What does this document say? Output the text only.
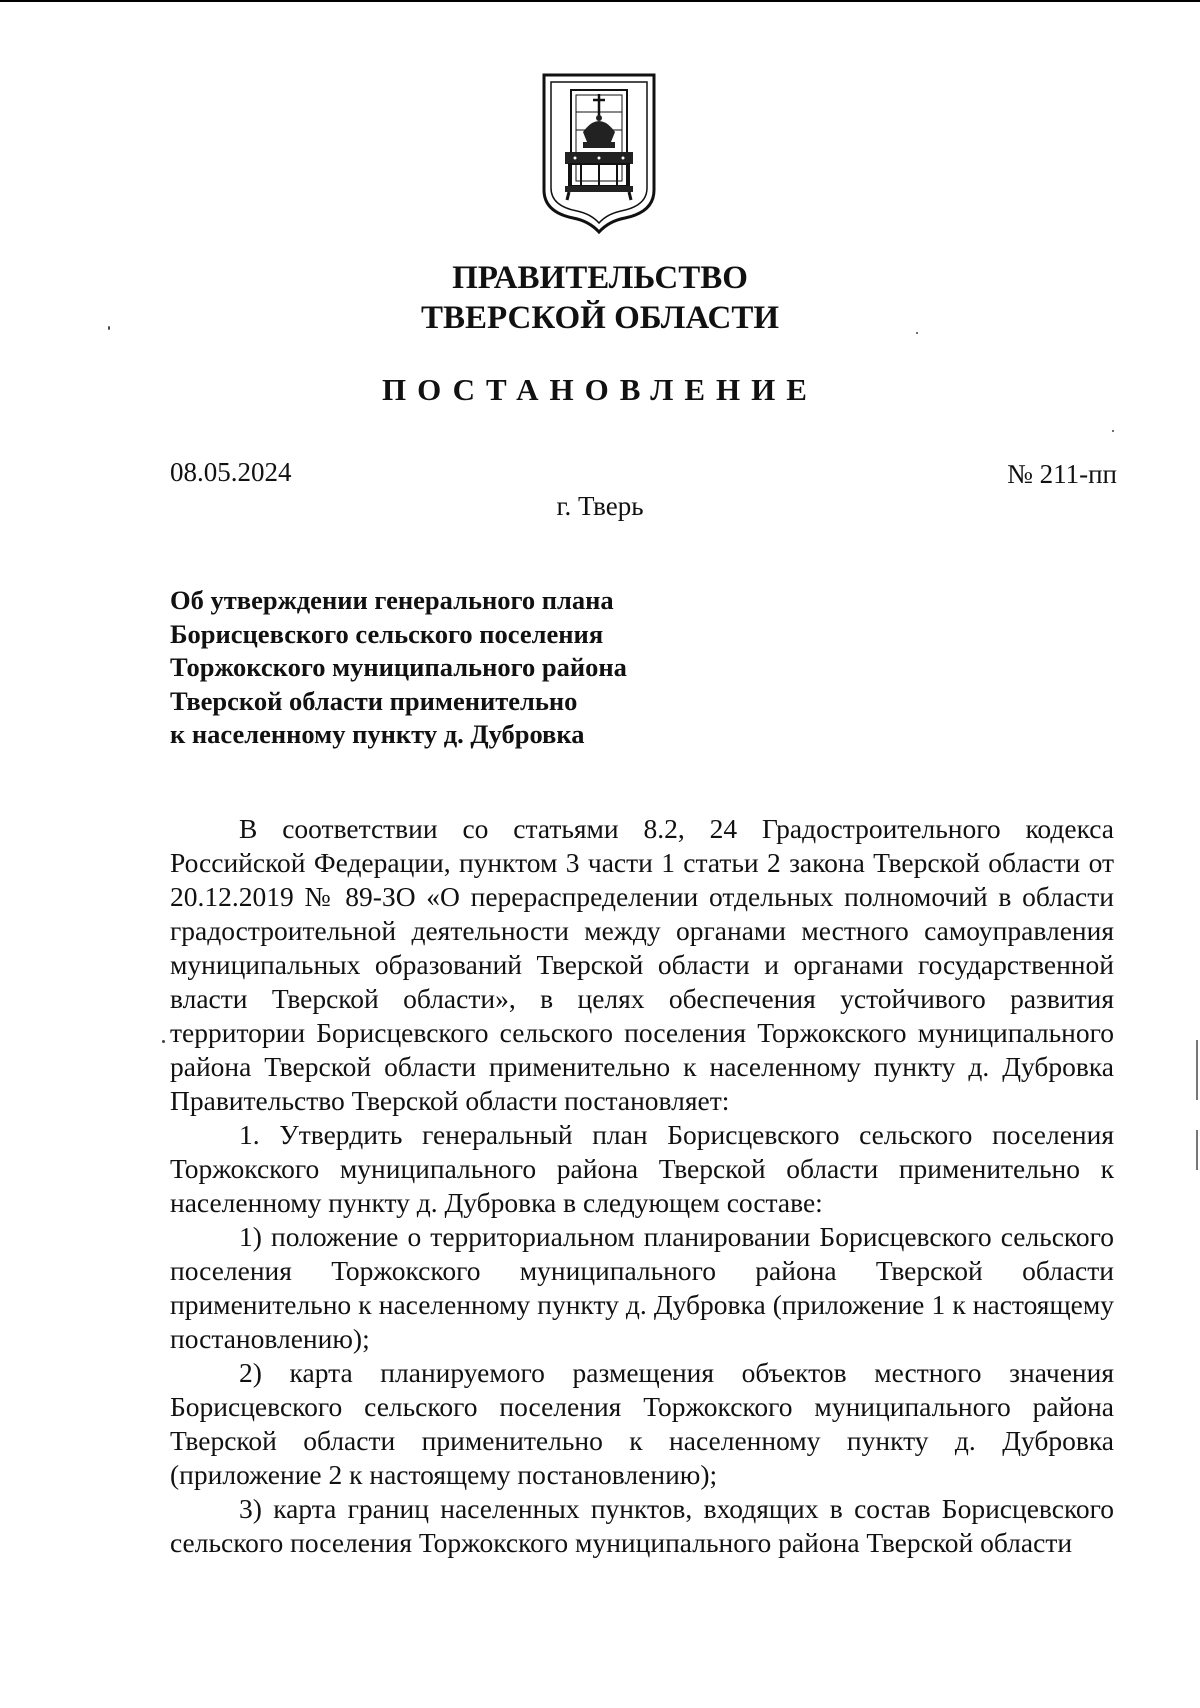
ПРАВИТЕЛЬСТВО
ТВЕРСКОЙ ОБЛАСТИ
ПОСТАНОВЛЕНИЕ
08.05.2024	№ 211-пп
г. Тверь
Об утверждении генерального плана
Борисцевского сельского поселения
Торжокского муниципального района
Тверской области применительно
к населенному пункту д. Дубровка

В соответствии со статьями 8.2, 24 Градостроительного кодекса Российской Федерации, пунктом 3 части 1 статьи 2 закона Тверской области от 20.12.2019 № 89-ЗО «О перераспределении отдельных полномочий в области градостроительной деятельности между органами местного самоуправления муниципальных образований Тверской области и органами государственной власти Тверской области», в целях обеспечения устойчивого развития территории Борисцевского сельского поселения Торжокского муниципального района Тверской области применительно к населенному пункту д. Дубровка Правительство Тверской области постановляет:

1. Утвердить генеральный план Борисцевского сельского поселения Торжокского муниципального района Тверской области применительно к населенному пункту д. Дубровка в следующем составе:

1) положение о территориальном планировании Борисцевского сельского поселения Торжокского муниципального района Тверской области применительно к населенному пункту д. Дубровка (приложение 1 к настоящему постановлению);

2) карта планируемого размещения объектов местного значения Борисцевского сельского поселения Торжокского муниципального района Тверской области применительно к населенному пункту д. Дубровка (приложение 2 к настоящему постановлению);

3) карта границ населенных пунктов, входящих в состав Борисцевского сельского поселения Торжокского муниципального района Тверской области
